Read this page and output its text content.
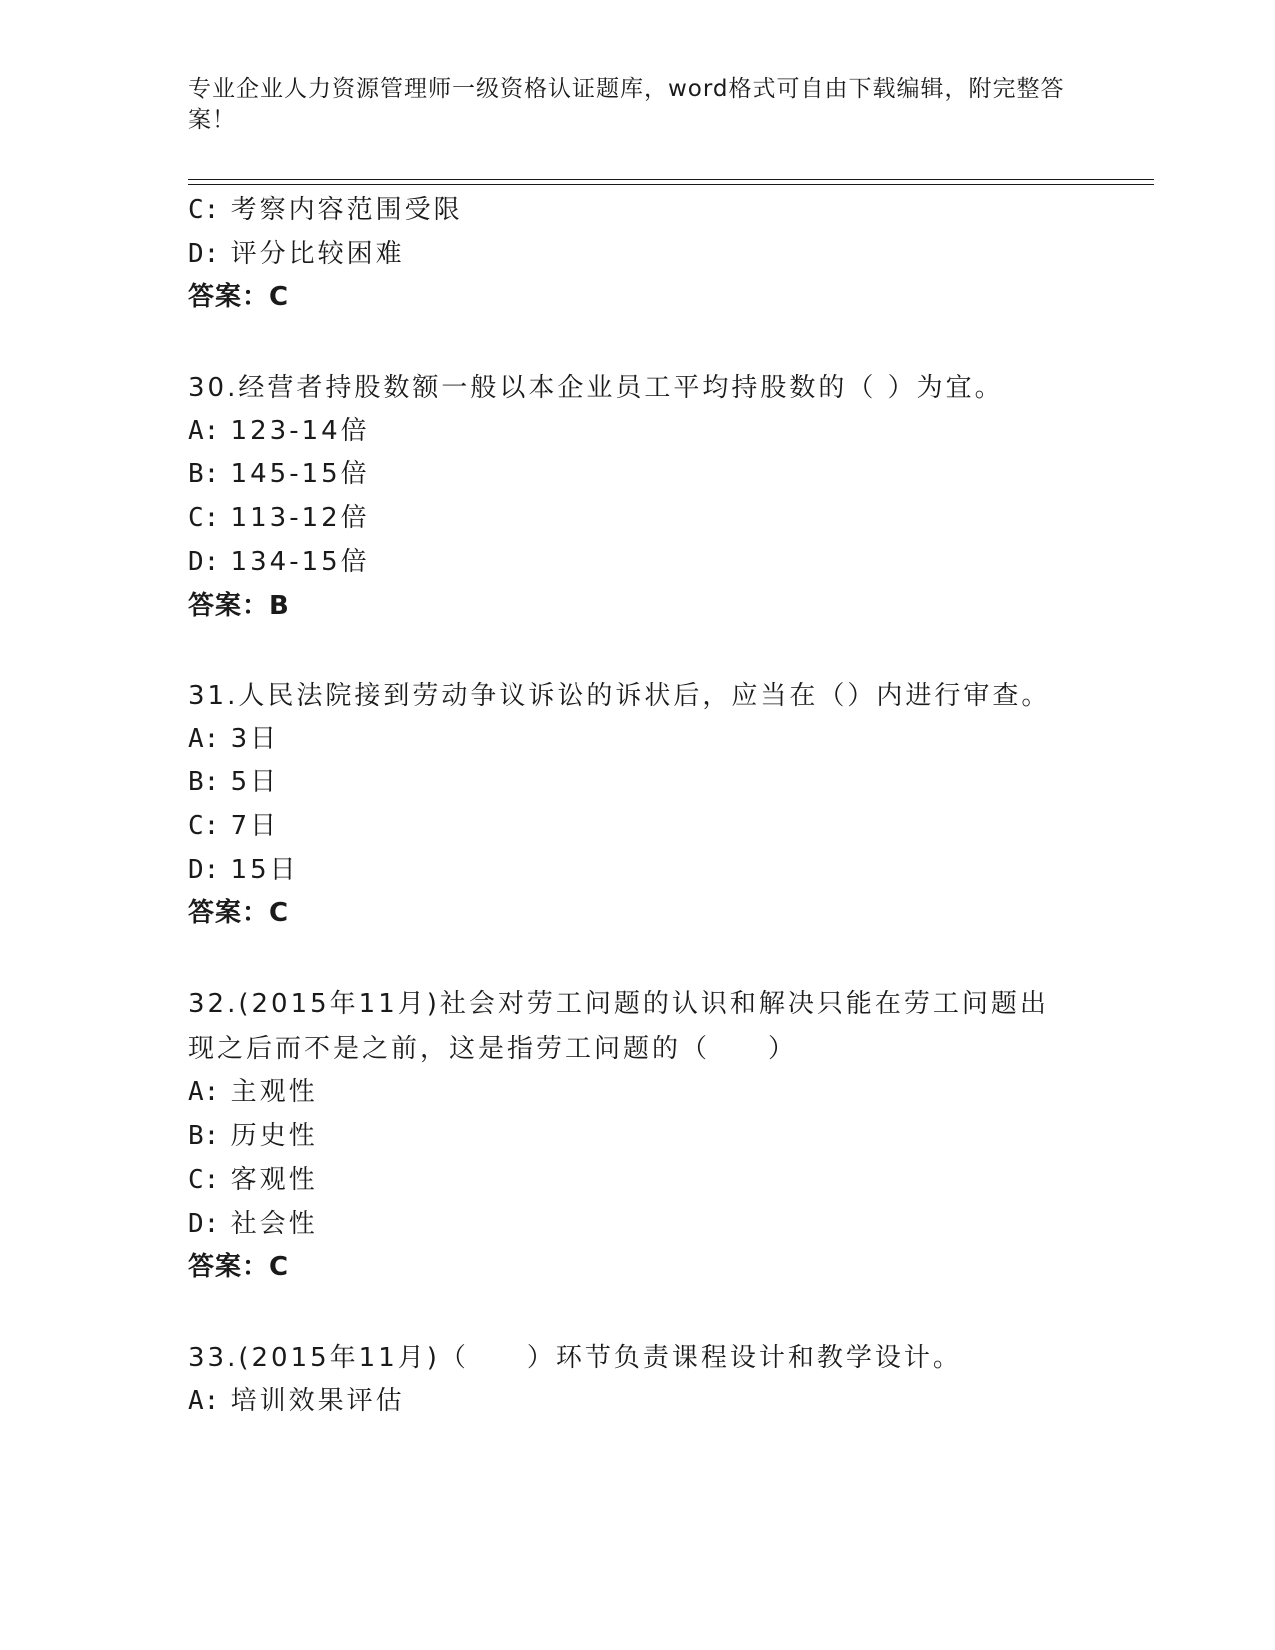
专业企业人力资源管理师一级资格认证题库，word格式可自由下载编辑，附完整答案！
C: 考察内容范围受限
D: 评分比较困难
答案：C
30.经营者持股数额一般以本企业员工平均持股数的（ ）为宜。
A: 123-14倍
B: 145-15倍
C: 113-12倍
D: 134-15倍
答案：B
31.人民法院接到劳动争议诉讼的诉状后，应当在（）内进行审查。
A: 3日
B: 5日
C: 7日
D: 15日
答案：C
32.(2015年11月)社会对劳工问题的认识和解决只能在劳工问题出现之后而不是之前，这是指劳工问题的（　　）
A: 主观性
B: 历史性
C: 客观性
D: 社会性
答案：C
33.(2015年11月)（　　）环节负责课程设计和教学设计。
A: 培训效果评估
